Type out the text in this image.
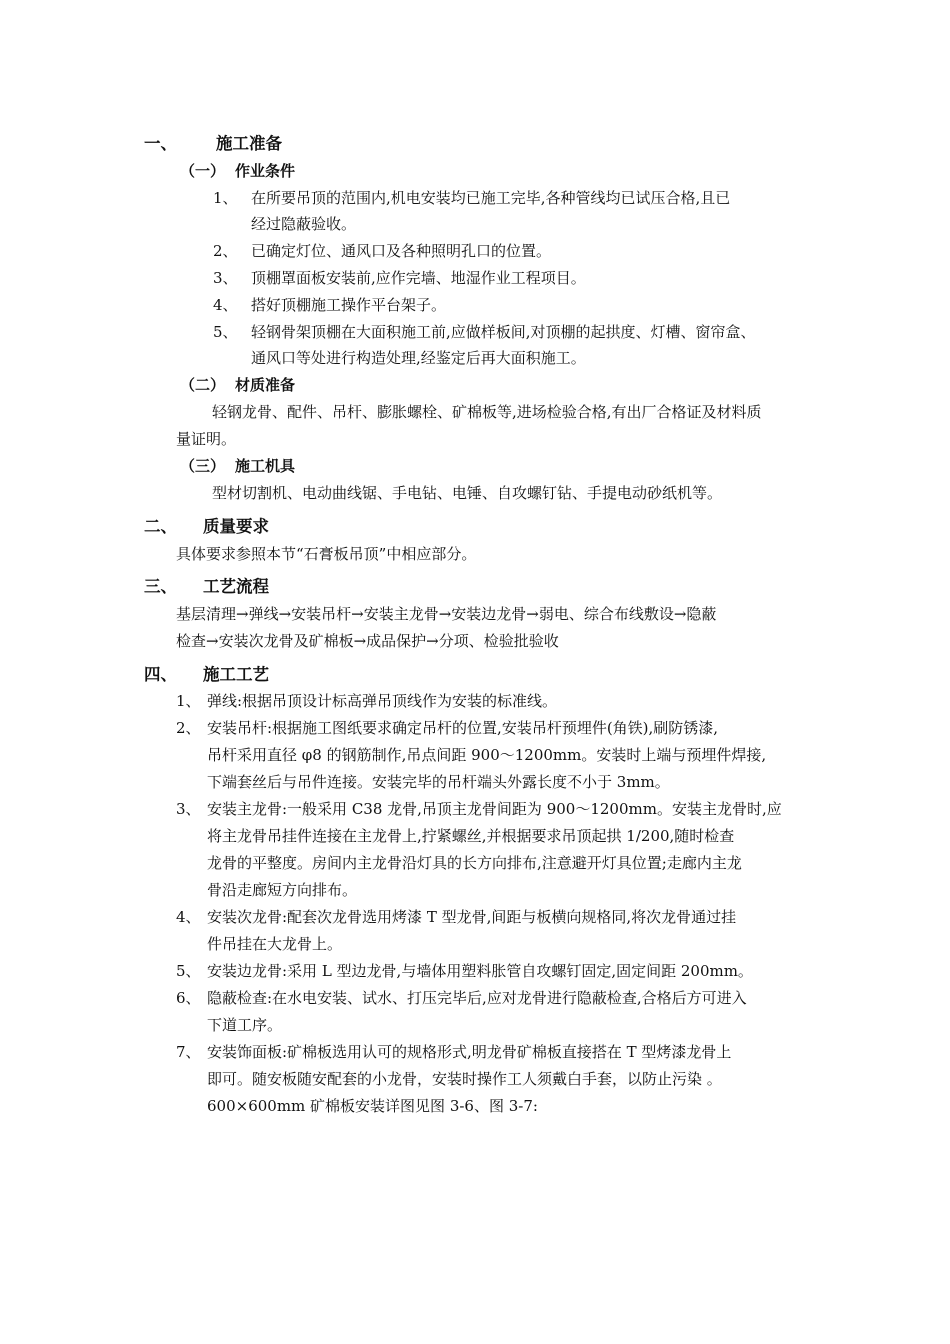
一、 施工准备
（一） 作业条件
1、 在所要吊顶的范围内,机电安装均已施工完毕,各种管线均已试压合格,且已
经过隐蔽验收。
2、 已确定灯位、通风口及各种照明孔口的位置。
3、 顶棚罩面板安装前,应作完墙、地湿作业工程项目。
4、 搭好顶棚施工操作平台架子。
5、 轻钢骨架顶棚在大面积施工前,应做样板间,对顶棚的起拱度、灯槽、窗帘盒、
通风口等处进行构造处理,经鉴定后再大面积施工。
（二） 材质准备
轻钢龙骨、配件、吊杆、膨胀螺栓、矿棉板等,进场检验合格,有出厂合格证及材料质
量证明。
（三） 施工机具
型材切割机、电动曲线锯、手电钻、电锤、自攻螺钉钻、手提电动砂纸机等。
二、 质量要求
具体要求参照本节“石膏板吊顶”中相应部分。
三、 工艺流程
基层清理→弹线→安装吊杆→安装主龙骨→安装边龙骨→弱电、综合布线敷设→隐蔽
检查→安装次龙骨及矿棉板→成品保护→分项、检验批验收
四、 施工工艺
1、 弹线:根据吊顶设计标高弹吊顶线作为安装的标准线。
2、 安装吊杆:根据施工图纸要求确定吊杆的位置,安装吊杆预埋件(角铁),刷防锈漆,
吊杆采用直径 φ8 的钢筋制作,吊点间距 900～1200mm。安装时上端与预埋件焊接,
下端套丝后与吊件连接。安装完毕的吊杆端头外露长度不小于 3mm。
3、 安装主龙骨:一般采用 C38 龙骨,吊顶主龙骨间距为 900～1200mm。安装主龙骨时,应
将主龙骨吊挂件连接在主龙骨上,拧紧螺丝,并根据要求吊顶起拱 1/200,随时检查
龙骨的平整度。房间内主龙骨沿灯具的长方向排布,注意避开灯具位置;走廊内主龙
骨沿走廊短方向排布。
4、 安装次龙骨:配套次龙骨选用烤漆 T 型龙骨,间距与板横向规格同,将次龙骨通过挂
件吊挂在大龙骨上。
5、 安装边龙骨:采用 L 型边龙骨,与墙体用塑料胀管自攻螺钉固定,固定间距 200mm。
6、 隐蔽检查:在水电安装、试水、打压完毕后,应对龙骨进行隐蔽检查,合格后方可进入
下道工序。
7、 安装饰面板:矿棉板选用认可的规格形式,明龙骨矿棉板直接搭在 T 型烤漆龙骨上
即可。随安板随安配套的小龙骨，安装时操作工人须戴白手套，以防止污染 。
600×600mm 矿棉板安装详图见图 3-6、图 3-7:
